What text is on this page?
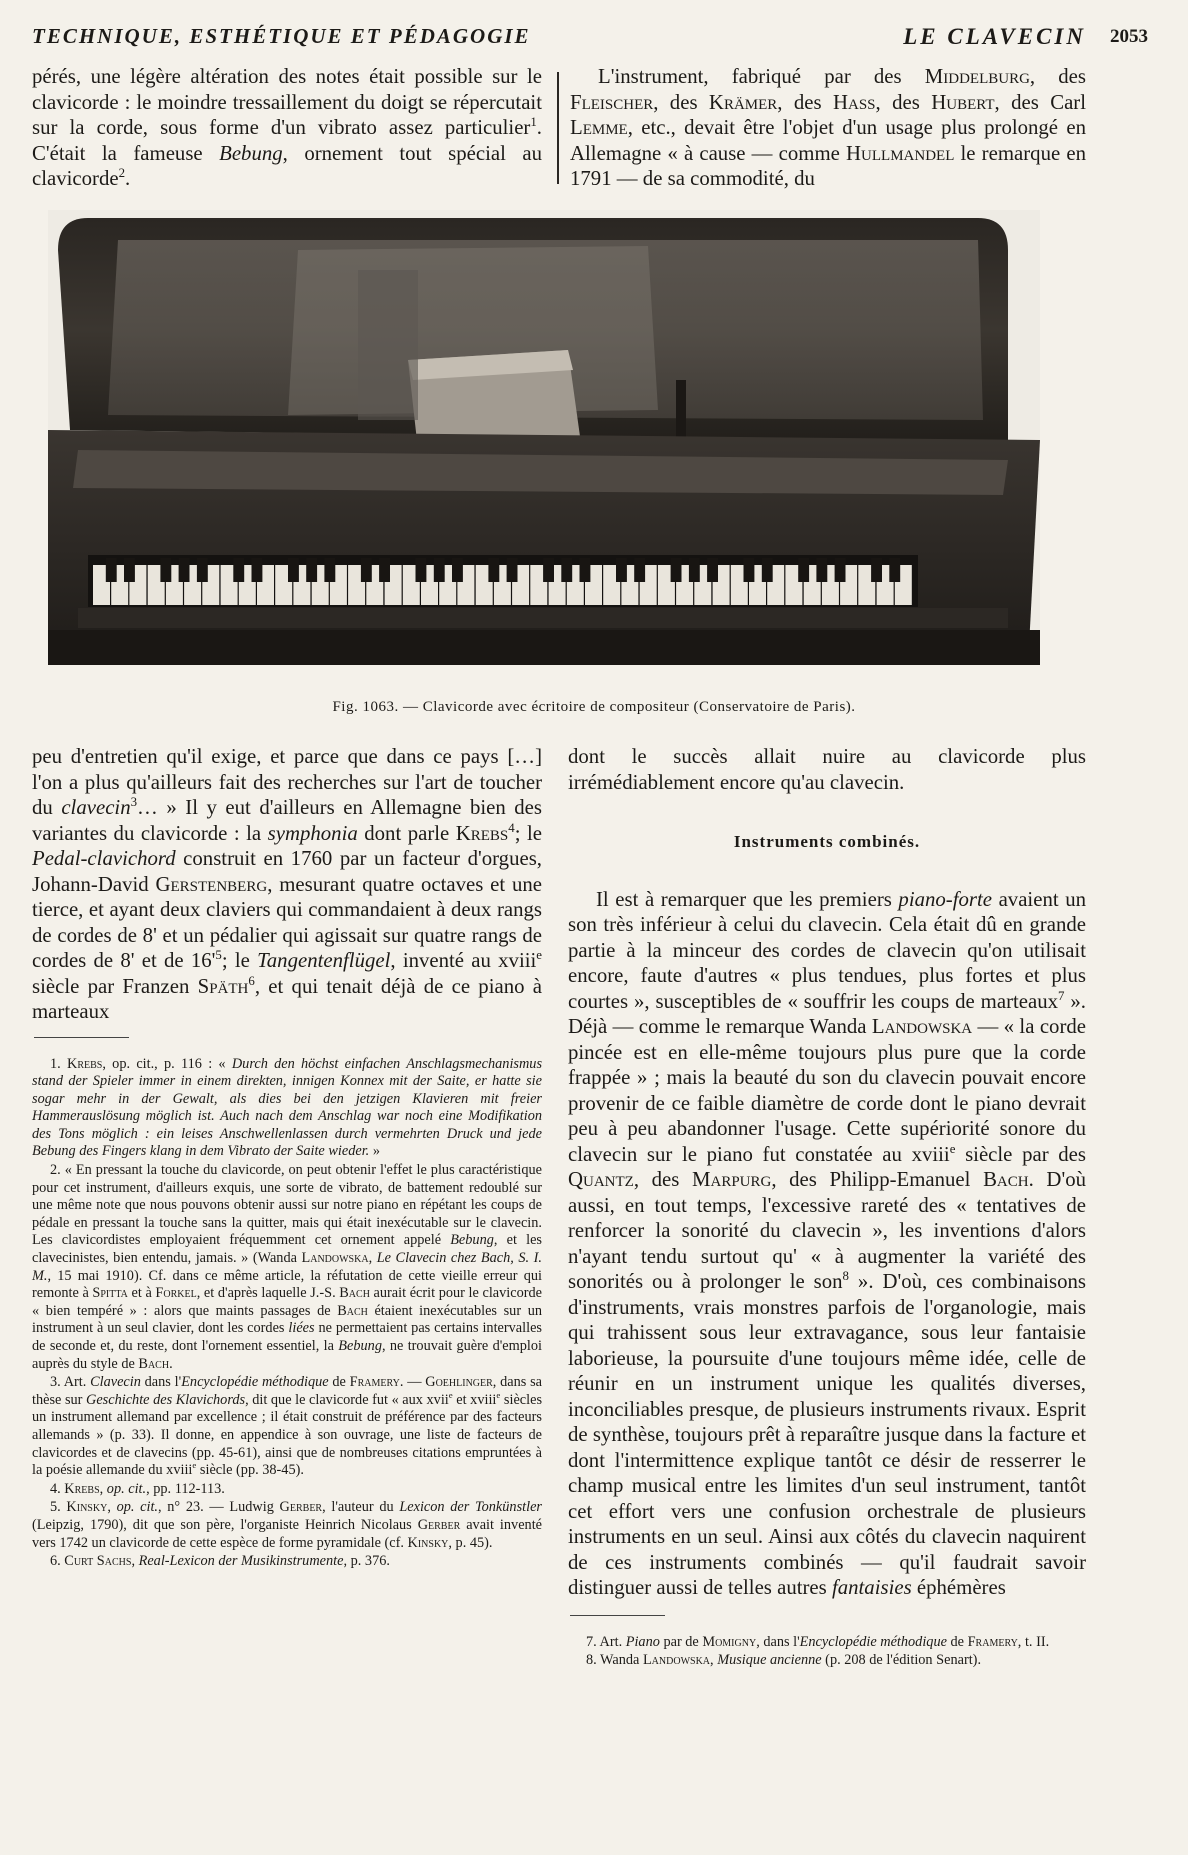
TECHNIQUE, ESTHÉTIQUE ET PÉDAGOGIE	LE CLAVECIN 2053

pérés, une légère altération des notes était possible sur le clavicorde : le moindre tressaillement du doigt se répercutait sur la corde, sous forme d'un vibrato assez particulier$^1$. C'était la fameuse Bebung, ornement tout spécial au clavicorde$^2$.

L'instrument, fabriqué par des Middelburg, des Fleischer, des Krämer, des Hass, des Hubert, des Carl Lemme, etc., devait être l'objet d'un usage plus prolongé en Allemagne « à cause — comme Hullmandel le remarque en 1791 — de sa commodité, du

Fig. 1063. — Clavicorde avec écritoire de compositeur (Conservatoire de Paris).

peu d'entretien qu'il exige, et parce que dans ce pays […] l'on a plus qu'ailleurs fait des recherches sur l'art de toucher du clavecin$^3$… » Il y eut d'ailleurs en Allemagne bien des variantes du clavicorde : la symphonia dont parle Krebs$^4$; le Pedal-clavichord construit en 1760 par un facteur d'orgues, Johann-David Gerstenberg, mesurant quatre octaves et une tierce, et ayant deux claviers qui commandaient à deux rangs de cordes de 8' et un pédalier qui agissait sur quatre rangs de cordes de 8' et de $16'^5$; le Tangentenflügel, inventé au xviii$^e$ siècle par Franzen Späth$^6$, et qui tenait déjà de ce piano à marteaux

1. Krebs, op. cit., p. 116 : « Durch den höchst einfachen Anschlagsmechanismus stand der Spieler immer in einem direkten, innigen Konnex mit der Saite, er hatte sie sogar mehr in der Gewalt, als dies bei den jetzigen Klavieren mit freier Hammerauslösung möglich ist. Auch nach dem Anschlag war noch eine Modifikation des Tons möglich : ein leises Anschwellenlassen durch vermehrten Druck und jede Bebung des Fingers klang in dem Vibrato der Saite wieder. »

2. « En pressant la touche du clavicorde, on peut obtenir l'effet le plus caractéristique pour cet instrument, d'ailleurs exquis, une sorte de vibrato, de battement redoublé sur une même note que nous pouvons obtenir aussi sur notre piano en répétant les coups de pédale en pressant la touche sans la quitter, mais qui était inexécutable sur le clavecin. Les clavicordistes employaient fréquemment cet ornement appelé Bebung, et les clavecinistes, bien entendu, jamais. » (Wanda Landowska, Le Clavecin chez Bach, S. I. M., 15 mai 1910). Cf. dans ce même article, la réfutation de cette vieille erreur qui remonte à Spitta et à Forkel, et d'après laquelle J.-S. Bach aurait écrit pour le clavicorde « bien tempéré » : alors que maints passages de Bach étaient inexécutables sur un instrument à un seul clavier, dont les cordes liées ne permettaient pas certains intervalles de seconde et, du reste, dont l'ornement essentiel, la Bebung, ne trouvait guère d'emploi auprès du style de Bach.

3. Art. Clavecin dans l'Encyclopédie méthodique de Framery. — Goehlinger, dans sa thèse sur Geschichte des Klavichords, dit que le clavicorde fut « aux xvii$^e$ et xviii$^e$ siècles un instrument allemand par excellence ; il était construit de préférence par des facteurs allemands » (p. 33). Il donne, en appendice à son ouvrage, une liste de facteurs de clavicordes et de clavecins (pp. 45-61), ainsi que de nombreuses citations empruntées à la poésie allemande du xviii$^e$ siècle (pp. 38-45).

4. Krebs, op. cit., pp. 112-113.

5. Kinsky, op. cit., n° 23. — Ludwig Gerber, l'auteur du Lexicon der Tonkünstler (Leipzig, 1790), dit que son père, l'organiste Heinrich Nicolaus Gerber avait inventé vers 1742 un clavicorde de cette espèce de forme pyramidale (cf. Kinsky, p. 45).

6. Curt Sachs, Real-Lexicon der Musikinstrumente, p. 376.

dont le succès allait nuire au clavicorde plus irrémédiablement encore qu'au clavecin.

Instruments combinés.

Il est à remarquer que les premiers piano-forte avaient un son très inférieur à celui du clavecin. Cela était dû en grande partie à la minceur des cordes de clavecin qu'on utilisait encore, faute d'autres « plus tendues, plus fortes et plus courtes », susceptibles de « souffrir les coups de marteaux$^7$ ». Déjà — comme le remarque Wanda Landowska — « la corde pincée est en elle-même toujours plus pure que la corde frappée » ; mais la beauté du son du clavecin pouvait encore provenir de ce faible diamètre de corde dont le piano devrait peu à peu abandonner l'usage. Cette supériorité sonore du clavecin sur le piano fut constatée au xviii$^e$ siècle par des Quantz, des Marpurg, des Philipp-Emanuel Bach. D'où aussi, en tout temps, l'excessive rareté des « tentatives de renforcer la sonorité du clavecin », les inventions d'alors n'ayant tendu surtout qu' « à augmenter la variété des sonorités ou à prolonger le son$^8$ ». D'où, ces combinaisons d'instruments, vrais monstres parfois de l'organologie, mais qui trahissent sous leur extravagance, sous leur fantaisie laborieuse, la poursuite d'une toujours même idée, celle de réunir en un instrument unique les qualités diverses, inconciliables presque, de plusieurs instruments rivaux. Esprit de synthèse, toujours prêt à reparaître jusque dans la facture et dont l'intermittence explique tantôt ce désir de resserrer le champ musical entre les limites d'un seul instrument, tantôt cet effort vers une confusion orchestrale de plusieurs instruments en un seul. Ainsi aux côtés du clavecin naquirent de ces instruments combinés — qu'il faudrait savoir distinguer aussi de telles autres fantaisies éphémères

7. Art. Piano par de Momigny, dans l'Encyclopédie méthodique de Framery, t. II.

8. Wanda Landowska, Musique ancienne (p. 208 de l'édition Senart).
